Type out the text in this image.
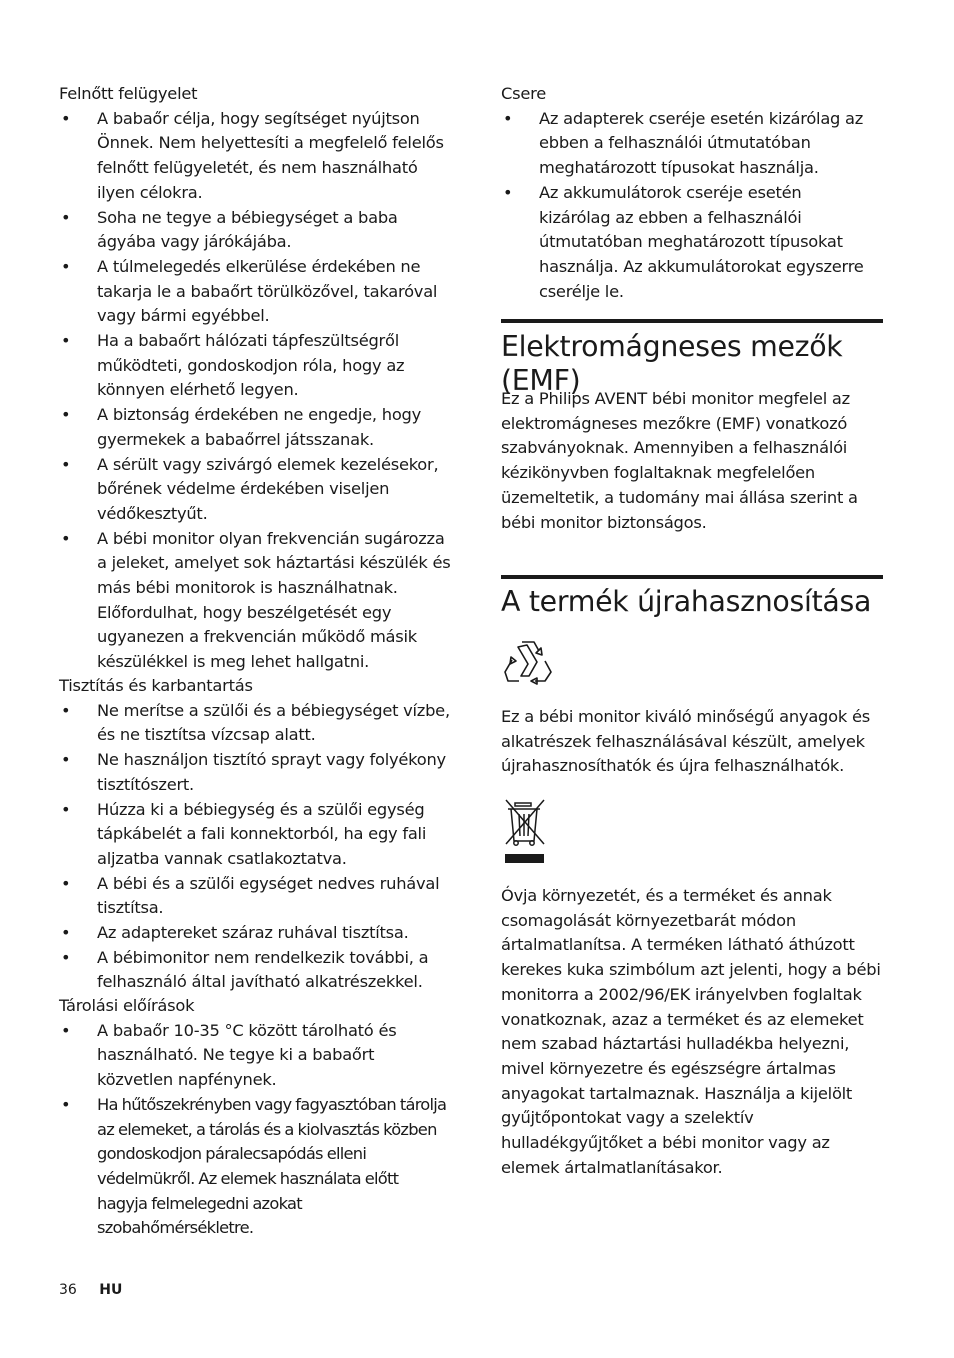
Felnőtt felügyelet
• A babaőr célja, hogy segítséget nyújtson Önnek. Nem helyettesíti a megfelelő felelős felnőtt felügyeletét, és nem használható ilyen célokra.
• Soha ne tegye a bébiegységet a baba ágyába vagy járókájába.
• A túlmelegedés elkerülése érdekében ne takarja le a babaőrt törülközővel, takaróval vagy bármi egyébbel.
• Ha a babaőrt hálózati tápfeszültségről működteti, gondoskodjon róla, hogy az könnyen elérhető legyen.
• A biztonság érdekében ne engedje, hogy gyermekek a babaőrrel játsszanak.
• A sérült vagy szivárgó elemek kezelésekor, bőrének védelme érdekében viseljen védőkesztyűt.
• A bébi monitor olyan frekvencián sugározza a jeleket, amelyet sok háztartási készülék és más bébi monitorok is használhatnak. Előfordulhat, hogy beszélgetését egy ugyanezen a frekvencián működő másik készülékkel is meg lehet hallgatni.
Tisztítás és karbantartás
• Ne merítse a szülői és a bébiegységet vízbe, és ne tisztítsa vízcsap alatt.
• Ne használjon tisztító sprayt vagy folyékony tisztítószert.
• Húzza ki a bébiegység és a szülői egység tápkábelét a fali konnektorból, ha egy fali aljzatba vannak csatlakoztatva.
• A bébi és a szülői egységet nedves ruhával tisztítsa.
• Az adaptereket száraz ruhával tisztítsa.
• A bébimonitor nem rendelkezik további, a felhasználó által javítható alkatrészekkel.
Tárolási előírások
• A babaőr 10-35 °C között tárolható és használható. Ne tegye ki a babaőrt közvetlen napfénynek.
• Ha hűtőszekrényben vagy fagyasztóban tárolja az elemeket, a tárolás és a kiolvasztás közben gondoskodjon páralecsapódás elleni védelmükről. Az elemek használata előtt hagyja felmelegedni azokat szobahőmérsékletre.
Csere
• Az adapterek cseréje esetén kizárólag az ebben a felhasználói útmutatóban meghatározott típusokat használja.
• Az akkumulátorok cseréje esetén kizárólag az ebben a felhasználói útmutatóban meghatározott típusokat használja. Az akkumulátorokat egyszerre cserélje le.
Elektromágneses mezők (EMF)

Ez a Philips AVENT bébi monitor megfelel az elektromágneses mezőkre (EMF) vonatkozó szabványoknak. Amennyiben a felhasználói kézikönyvben foglaltaknak megfelelően üzemeltetik, a tudomány mai állása szerint a bébi monitor biztonságos.

A termék újrahasznosítása

Ez a bébi monitor kiváló minőségű anyagok és alkatrészek felhasználásával készült, amelyek újrahasznosíthatók és újra felhasználhatók.

Óvja környezetét, és a terméket és annak csomagolását környezetbarát módon ártalmatlanítsa. A terméken látható áthúzott kerekes kuka szimbólum azt jelenti, hogy a bébi monitorra a 2002/96/EK irányelvben foglaltak vonatkoznak, azaz a terméket és az elemeket nem szabad háztartási hulladékba helyezni, mivel környezetre és egészségre ártalmas anyagokat tartalmaznak. Használja a kijelölt gyűjtőpontokat vagy a szelektív hulladékgyűjtőket a bébi monitor vagy az elemek ártalmatlanításakor.

36 HU
